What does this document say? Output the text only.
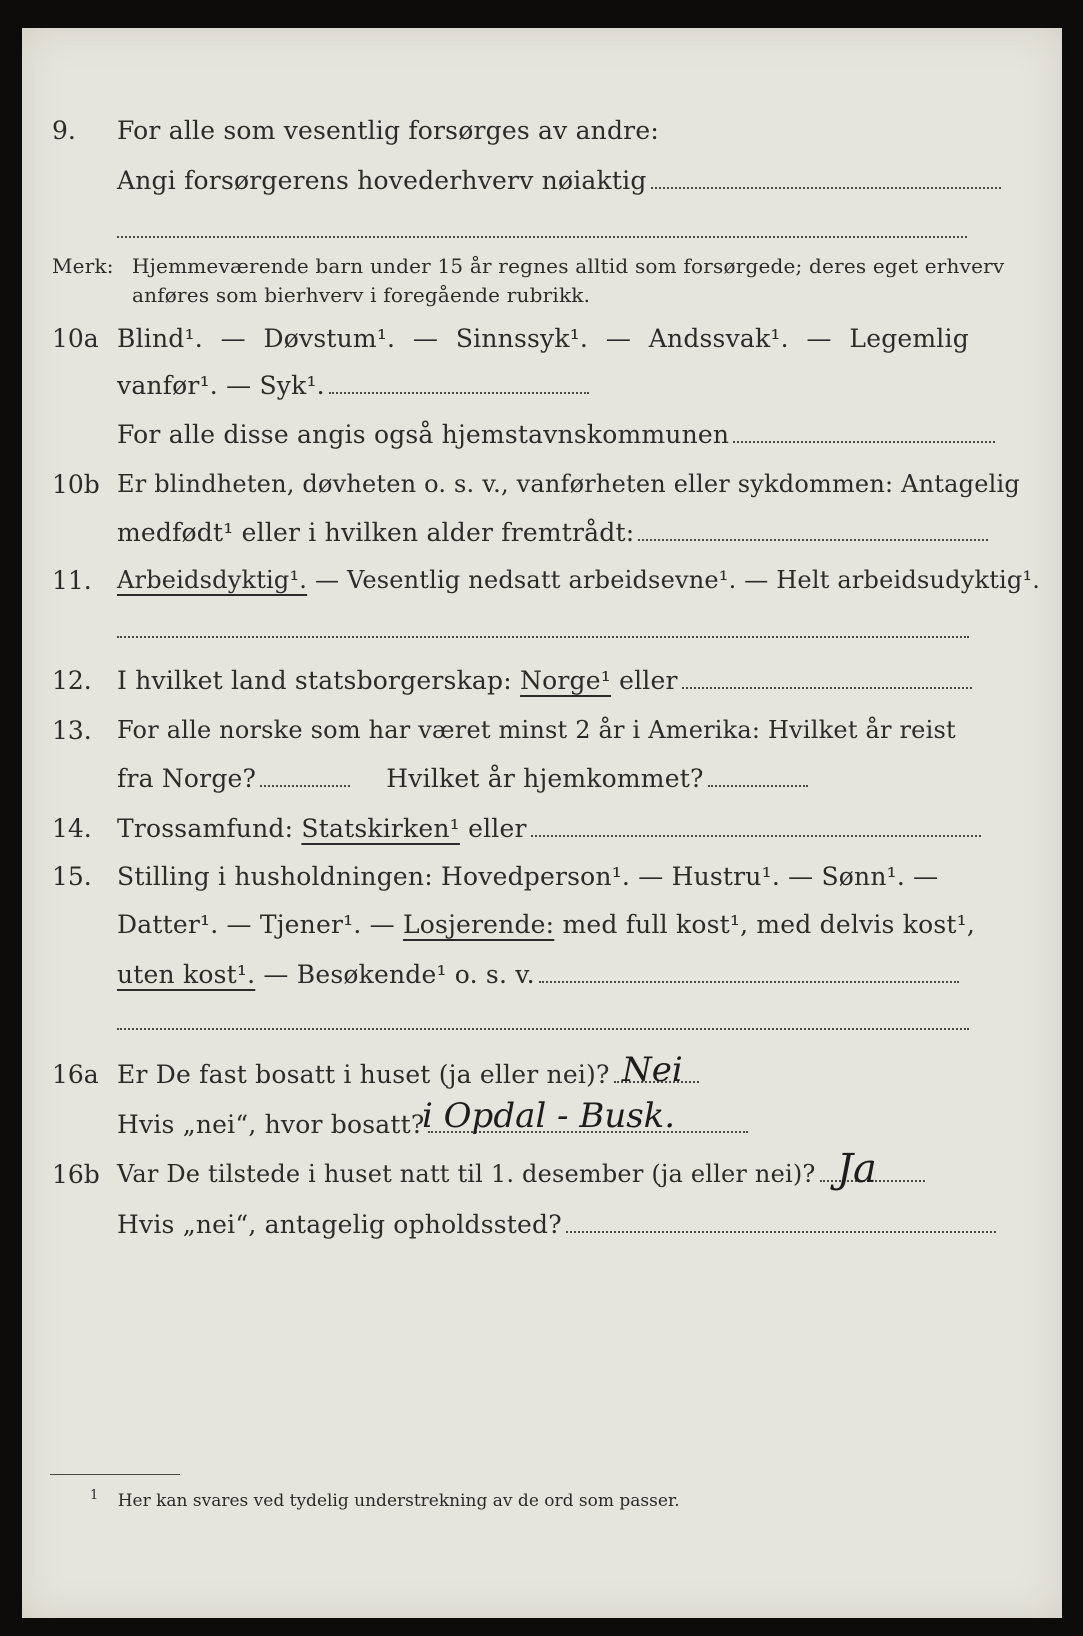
9. For alle som vesentlig forsørges av andre:
Angi forsørgerens hovederhverv nøiaktig
Merk: Hjemmeværende barn under 15 år regnes alltid som forsørgede; deres eget erhverv
anføres som bierhverv i foregående rubrikk.
10a Blind¹. — Døvstum¹. — Sinnssyk¹. — Andssvak¹. — Legemlig
vanfør¹. — Syk¹.
For alle disse angis også hjemstavnskommunen
10b Er blindheten, døvheten o. s. v., vanførheten eller sykdommen: Antagelig
medfødt¹ eller i hvilken alder fremtrådt:
11. Arbeidsdyktig¹. — Vesentlig nedsatt arbeidsevne¹. — Helt arbeidsudyktig¹.
12. I hvilket land statsborgerskap: Norge¹ eller
13. For alle norske som har været minst 2 år i Amerika: Hvilket år reist
fra Norge?	Hvilket år hjemkommet?
14. Trossamfund: Statskirken¹ eller
15. Stilling i husholdningen: Hovedperson¹. — Hustru¹. — Sønn¹. —
Datter¹. — Tjener¹. — Losjerende: med full kost¹, med delvis kost¹,
uten kost¹. — Besøkende¹ o. s. v.
16a Er De fast bosatt i huset (ja eller nei)? Nei
Hvis „nei“, hvor bosatt?
i Opdal - Busk.
16b Var De tilstede i huset natt til 1. desember (ja eller nei)? Ja
Hvis „nei“, antagelig opholdssted?
$^1$ Her kan svares ved tydelig understrekning av de ord som passer.
